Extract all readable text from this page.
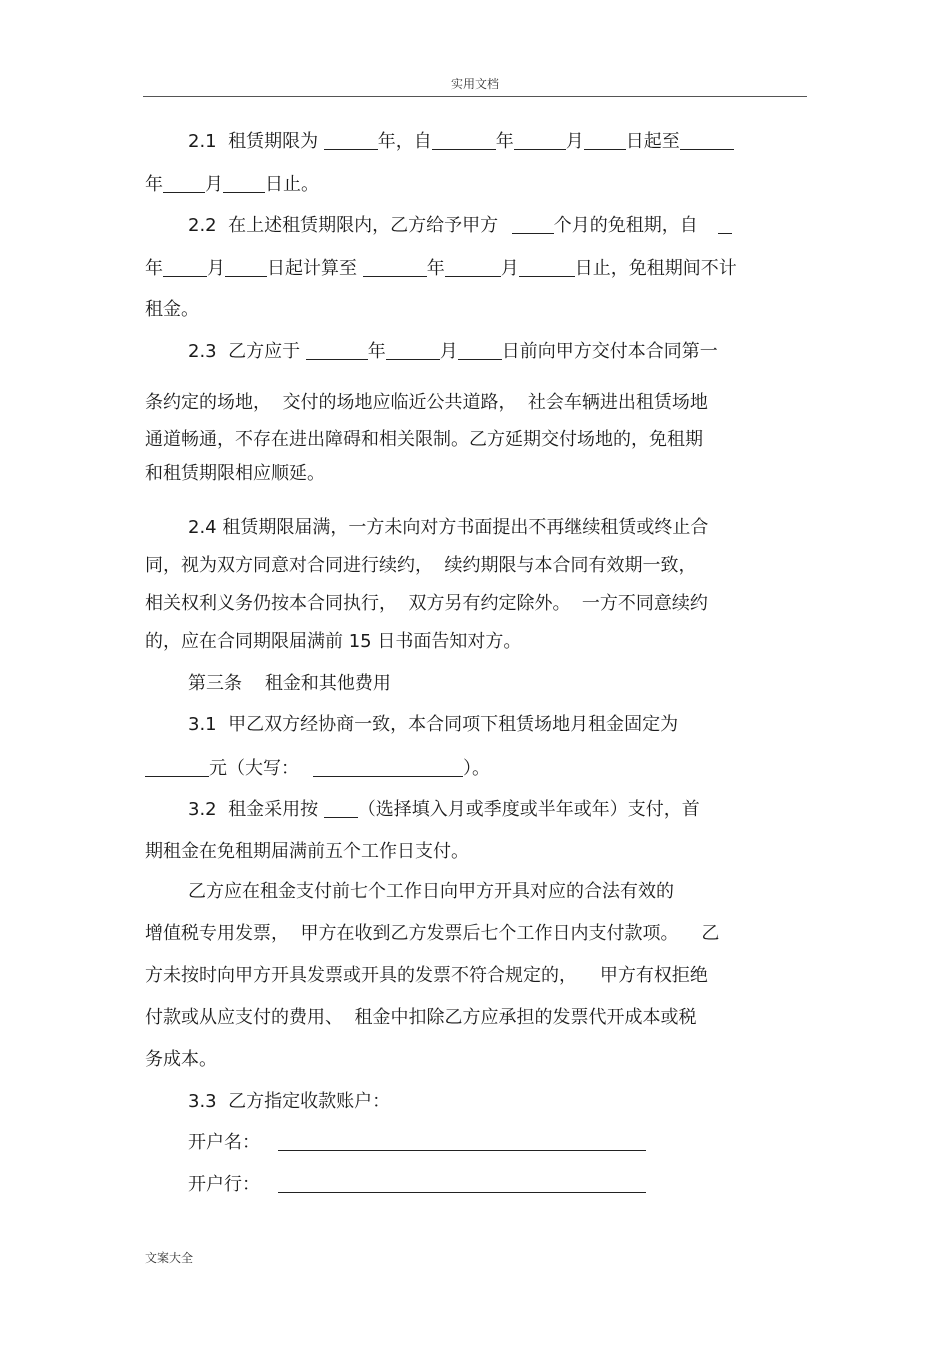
实用文档
2.1  租赁期限为	年，自	年	月 日起至
年 月 日止。
2.2  在上述租赁期限内，乙方给予甲方	个月的免租期，自
年 月 日起计算至	年	月	日止，免租期间不计
租金。
2.3  乙方应于	年	月 日前向甲方交付本合同第一
条约定的场地，  交付的场地应临近公共道路，  社会车辆进出租赁场地
通道畅通，不存在进出障碍和相关限制。乙方延期交付场地的，免租期
和租赁期限相应顺延。
2.4 租赁期限届满，一方未向对方书面提出不再继续租赁或终止合
同，视为双方同意对合同进行续约，  续约期限与本合同有效期一致，
相关权利义务仍按本合同执行，  双方另有约定除外。  一方不同意续约
的，应在合同期限届满前 15 日书面告知对方。
第三条    租金和其他费用
3.1  甲乙双方经协商一致，本合同项下租赁场地月租金固定为
元（大写：	）。
3.2  租金采用按 （选择填入月或季度或半年或年）支付，首
期租金在免租期届满前五个工作日支付。
乙方应在租金支付前七个工作日向甲方开具对应的合法有效的
增值税专用发票，  甲方在收到乙方发票后七个工作日内支付款项。    乙
方未按时向甲方开具发票或开具的发票不符合规定的，    甲方有权拒绝
付款或从应支付的费用、  租金中扣除乙方应承担的发票代开成本或税
务成本。
3.3  乙方指定收款账户：
开户名：
开户行：
文案大全
